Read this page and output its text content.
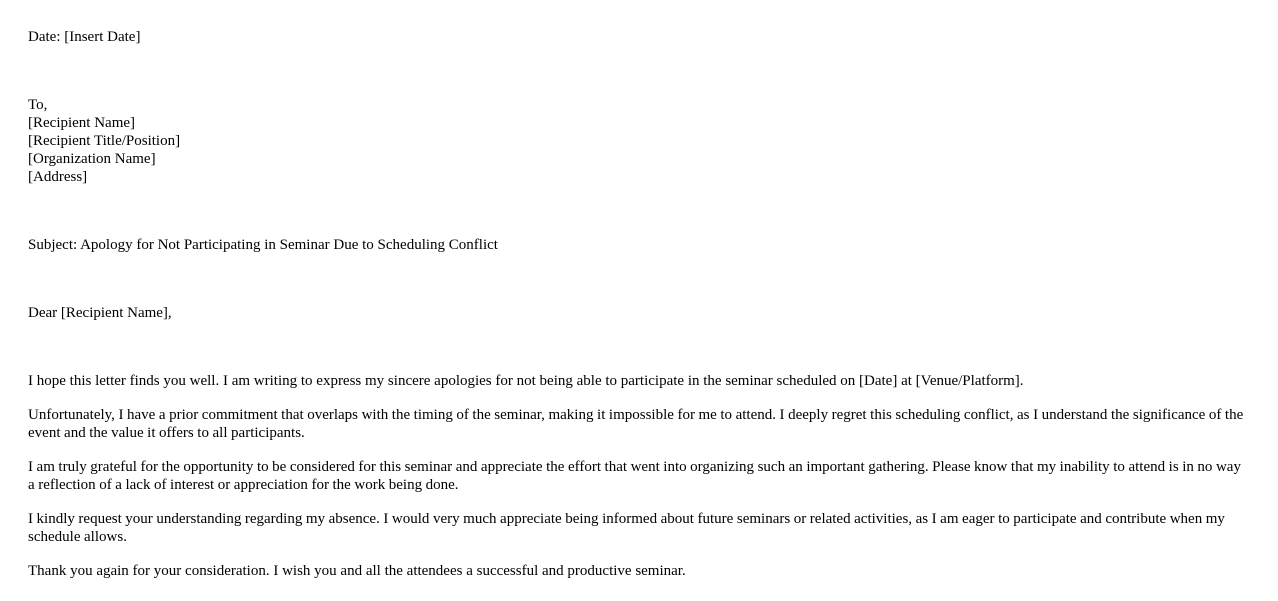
Date: [Insert Date]
To,
[Recipient Name]
[Recipient Title/Position]
[Organization Name]
[Address]
Subject: Apology for Not Participating in Seminar Due to Scheduling Conflict
Dear [Recipient Name],
I hope this letter finds you well. I am writing to express my sincere apologies for not being able to participate in the seminar scheduled on [Date] at [Venue/Platform].
Unfortunately, I have a prior commitment that overlaps with the timing of the seminar, making it impossible for me to attend. I deeply regret this scheduling conflict, as I understand the significance of the event and the value it offers to all participants.
I am truly grateful for the opportunity to be considered for this seminar and appreciate the effort that went into organizing such an important gathering. Please know that my inability to attend is in no way a reflection of a lack of interest or appreciation for the work being done.
I kindly request your understanding regarding my absence. I would very much appreciate being informed about future seminars or related activities, as I am eager to participate and contribute when my schedule allows.
Thank you again for your consideration. I wish you and all the attendees a successful and productive seminar.
